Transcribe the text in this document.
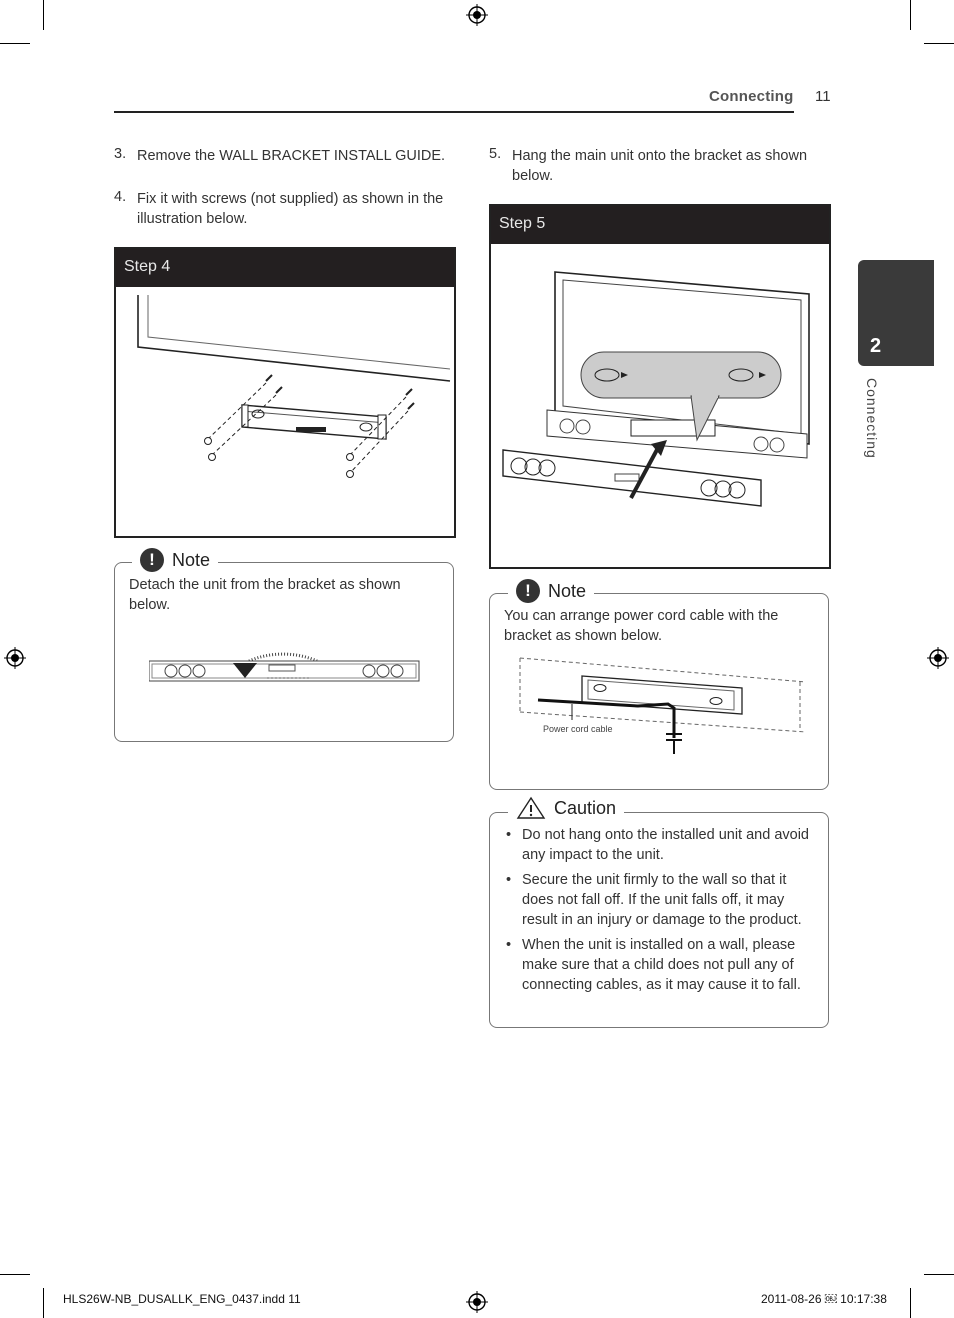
Connecting 11
2
Connecting
3. Remove the WALL BRACKET INSTALL GUIDE.
4. Fix it with screws (not supplied) as shown in the illustration below.
Step 4
Detach the unit from the bracket as shown below.
! Note
5. Hang the main unit onto the bracket as shown below.
Step 5
You can arrange power cord cable with the bracket as shown below.
Power cord cable
! Note
• Do not hang onto the installed unit and avoid any impact to the unit.
• Secure the unit firmly to the wall so that it does not fall off. If the unit falls off, it may result in an injury or damage to the product.
• When the unit is installed on a wall, please make sure that a child does not pull any of connecting cables, as it may cause it to fall.
Caution
HLS26W-NB_DUSALLK_ENG_0437.indd 11	2011-08-26 ￼ 10:17:38
